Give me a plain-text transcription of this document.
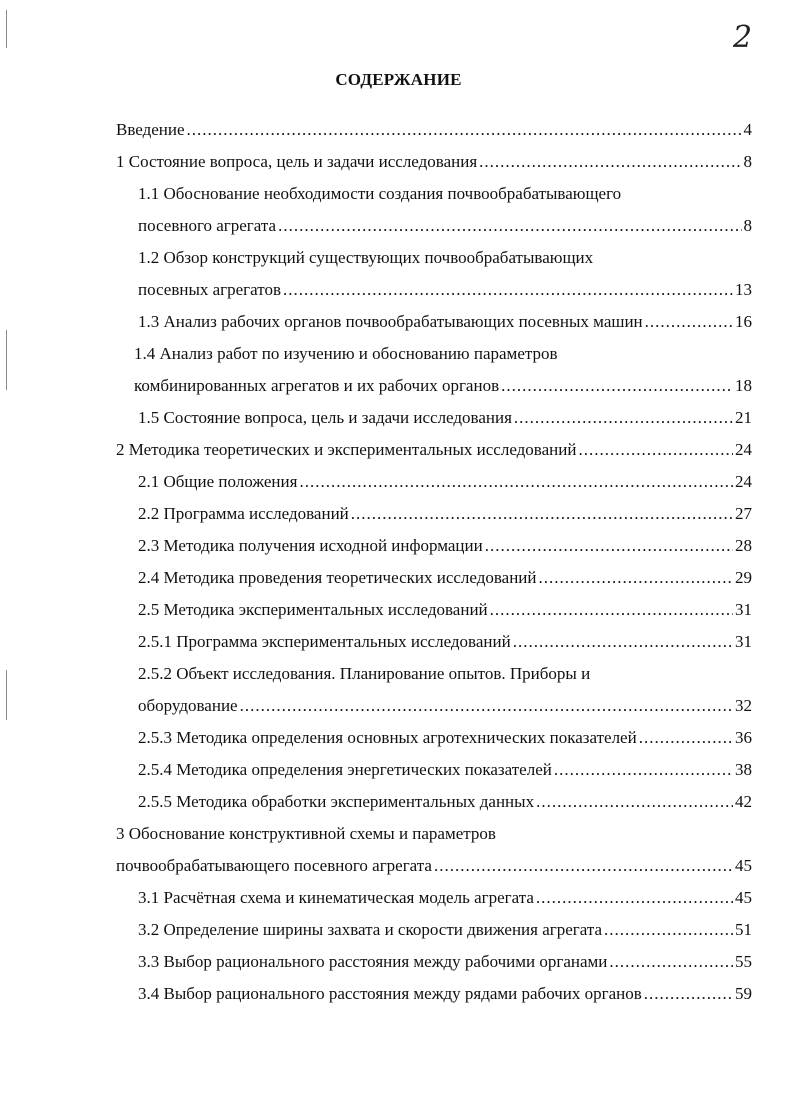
2
СОДЕРЖАНИЕ
Введение .....	4
1 Состояние вопроса, цель и задачи исследования .....	8
1.1 Обоснование необходимости создания почвообрабатывающего
посевного агрегата .....	8
1.2 Обзор конструкций существующих почвообрабатывающих
посевных агрегатов .....	13
1.3 Анализ рабочих органов почвообрабатывающих посевных машин .....	16
1.4 Анализ работ по изучению и обоснованию параметров
комбинированных агрегатов и их рабочих органов .....	18
1.5 Состояние вопроса, цель и задачи исследования .....	21
2 Методика теоретических и экспериментальных исследований .....	24
2.1 Общие положения .....	24
2.2 Программа исследований .....	27
2.3 Методика получения исходной информации .....	28
2.4 Методика проведения теоретических исследований .....	29
2.5 Методика экспериментальных исследований .....	31
2.5.1 Программа экспериментальных исследований .....	31
2.5.2 Объект исследования. Планирование опытов. Приборы и
оборудование .....	32
2.5.3 Методика определения основных агротехнических показателей .....	36
2.5.4 Методика определения энергетических показателей .....	38
2.5.5 Методика обработки экспериментальных данных .....	42
3 Обоснование конструктивной схемы и параметров
почвообрабатывающего посевного агрегата .....	45
3.1 Расчётная схема и кинематическая модель агрегата .....	45
3.2 Определение ширины захвата и скорости движения агрегата .....	51
3.3 Выбор рационального расстояния между рабочими органами .....	55
3.4 Выбор рационального расстояния между рядами рабочих органов .....	59
